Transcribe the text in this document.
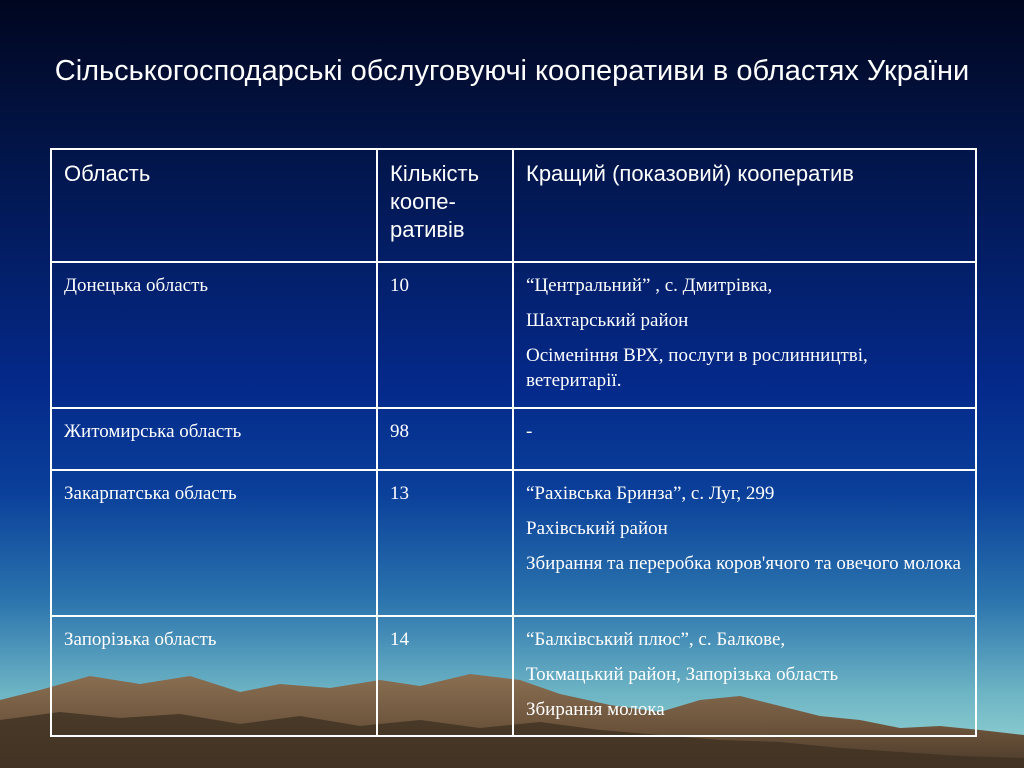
Сільськогосподарські обслуговуючі кооперативи в областях України
Область	Кількість коопе-ративів	Кращий (показовий) кооператив
Донецька область	10	“Центральний” , с. Дмитрівка,

Шахтарський район

Осіменіння ВРХ, послуги в рослинництві, ветеритарії.

Житомирська область	98	-

Закарпатська область	13	“Рахівська Бринза”, с. Луг, 299

Рахівський район

Збирання та переробка коров'ячого та овечого молока

Запорізька область	14	“Балківський плюс”, с. Балкове,

Токмацький район, Запорізька область

Збирання молока
